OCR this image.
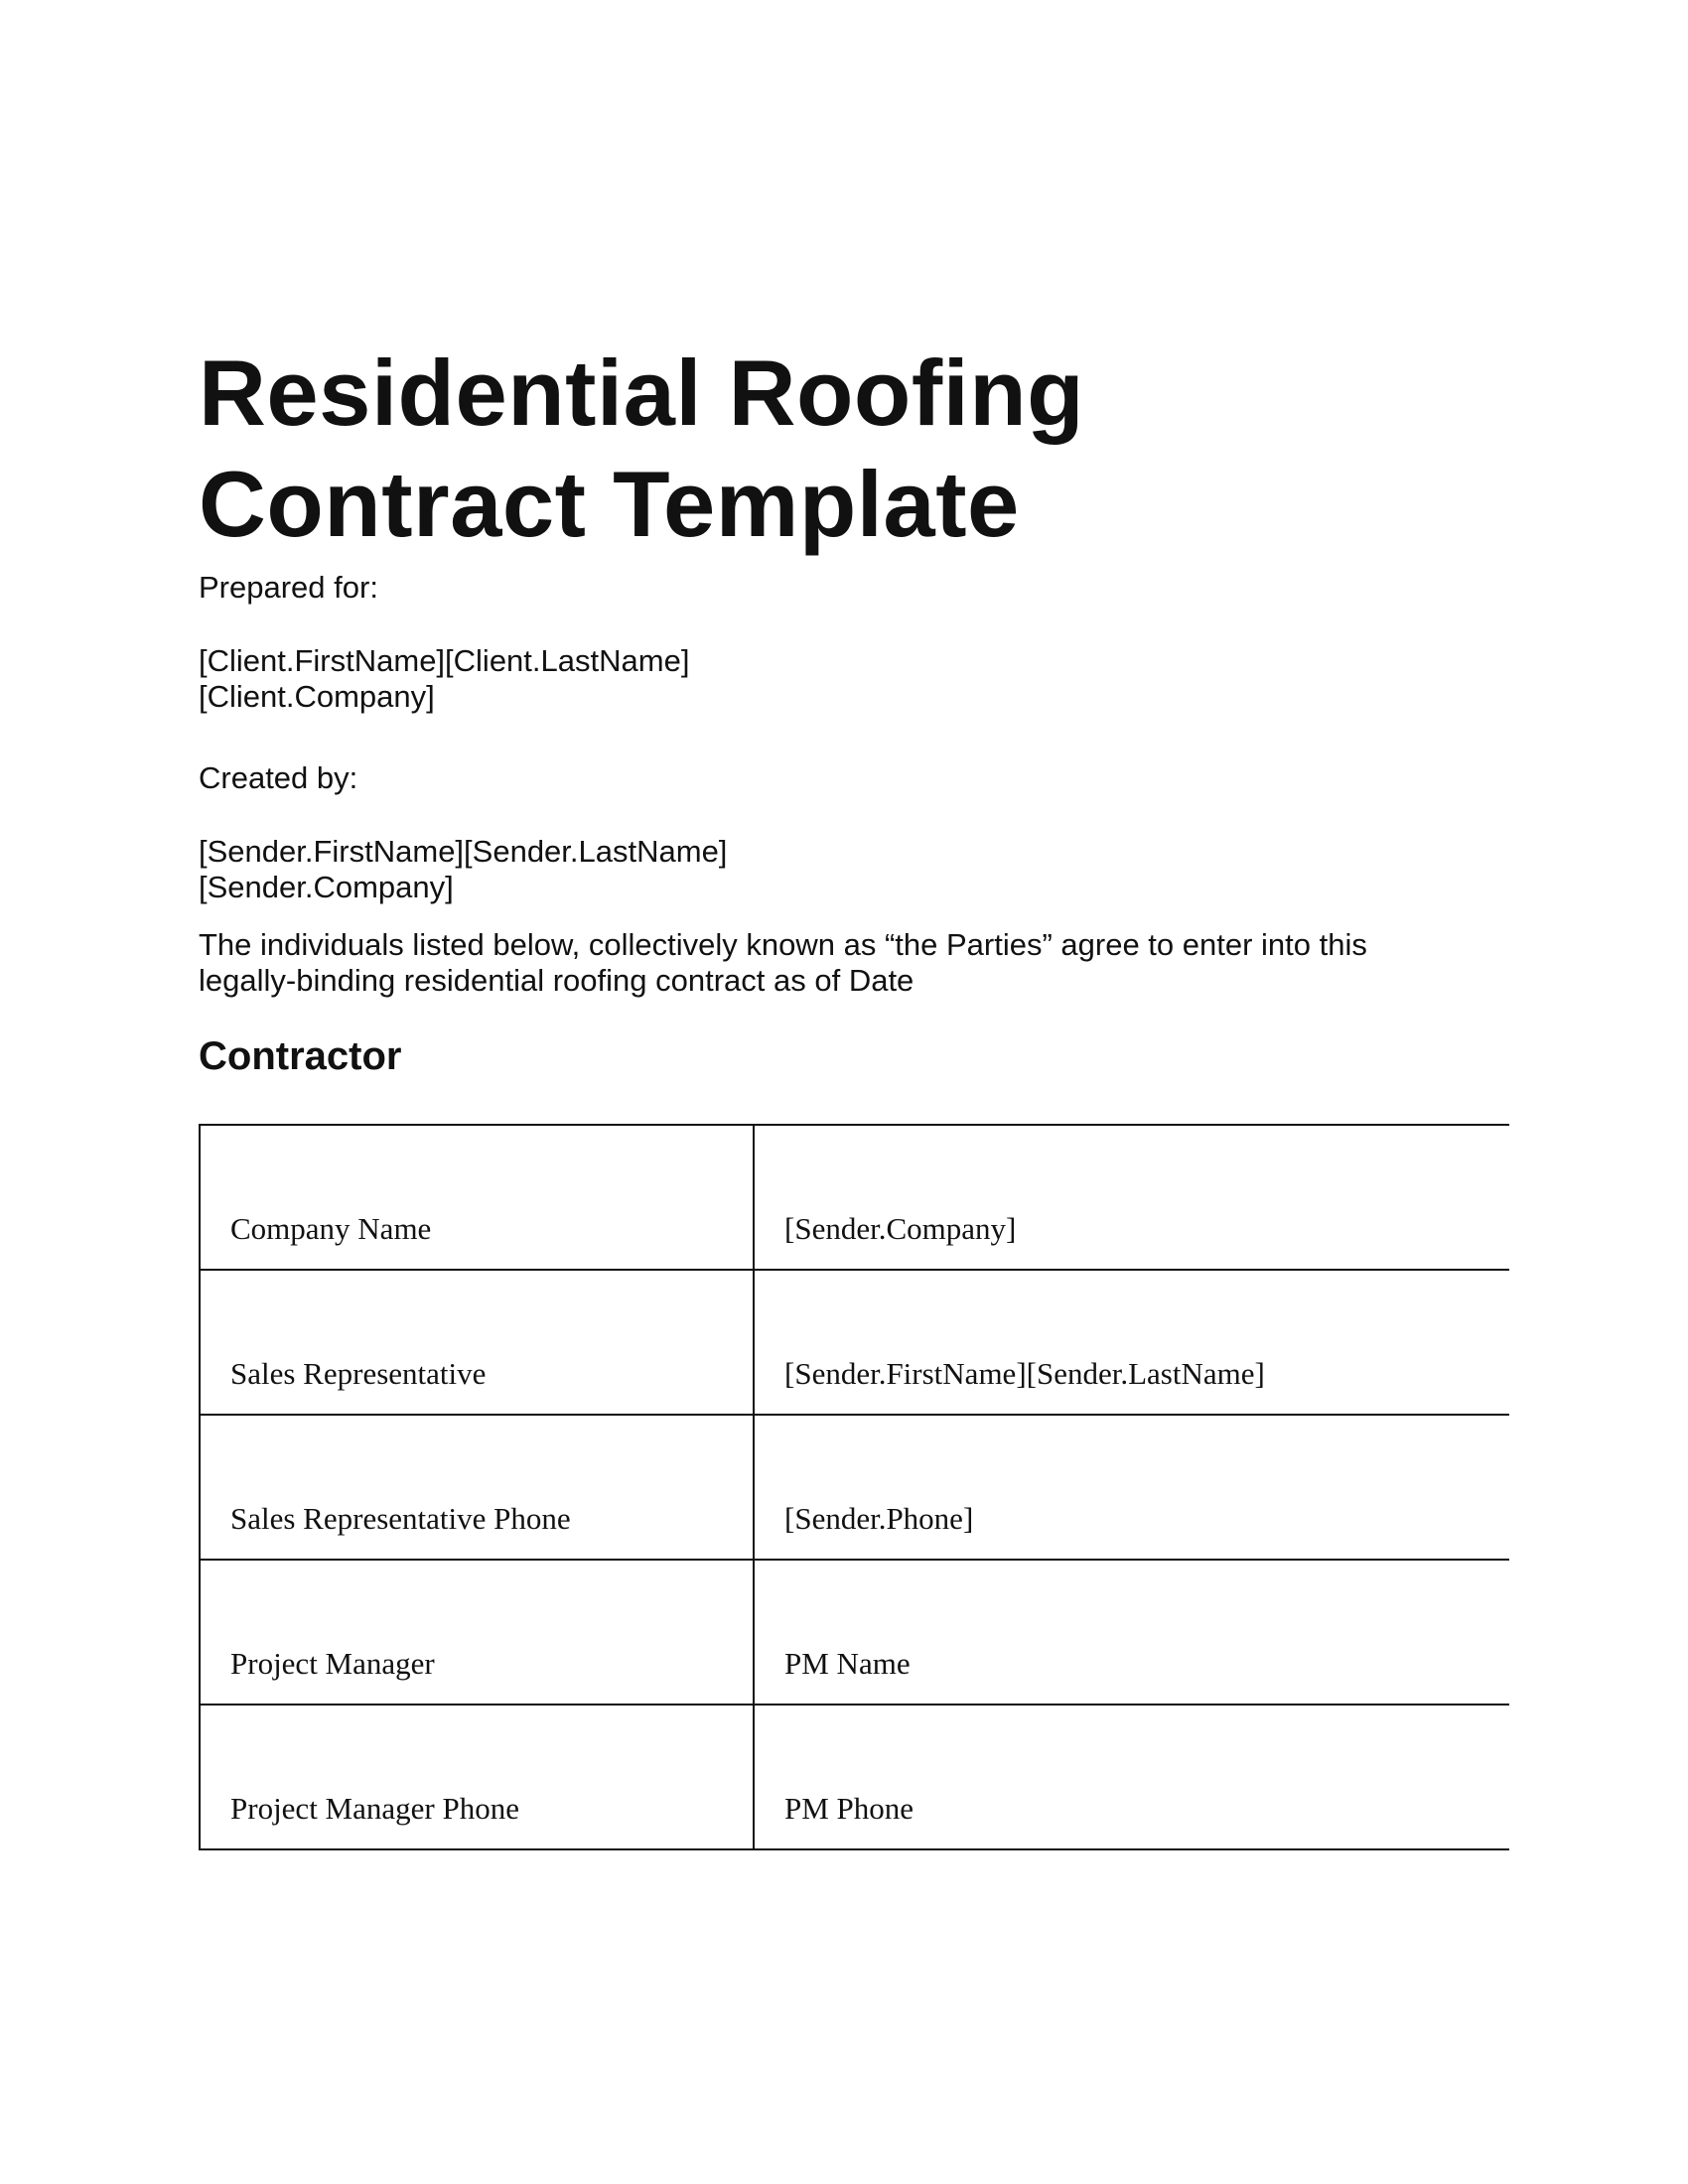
Residential Roofing
Contract Template

Prepared for:

[Client.FirstName][Client.LastName]

[Client.Company]

Created by:

[Sender.FirstName][Sender.LastName]

[Sender.Company]

The individuals listed below, collectively known as “the Parties” agree to enter into this
legally-binding residential roofing contract as of Date
Contractor
Company Name	[Sender.Company]
Sales Representative	[Sender.FirstName][Sender.LastName]
Sales Representative Phone	[Sender.Phone]
Project Manager	PM Name
Project Manager Phone	PM Phone
